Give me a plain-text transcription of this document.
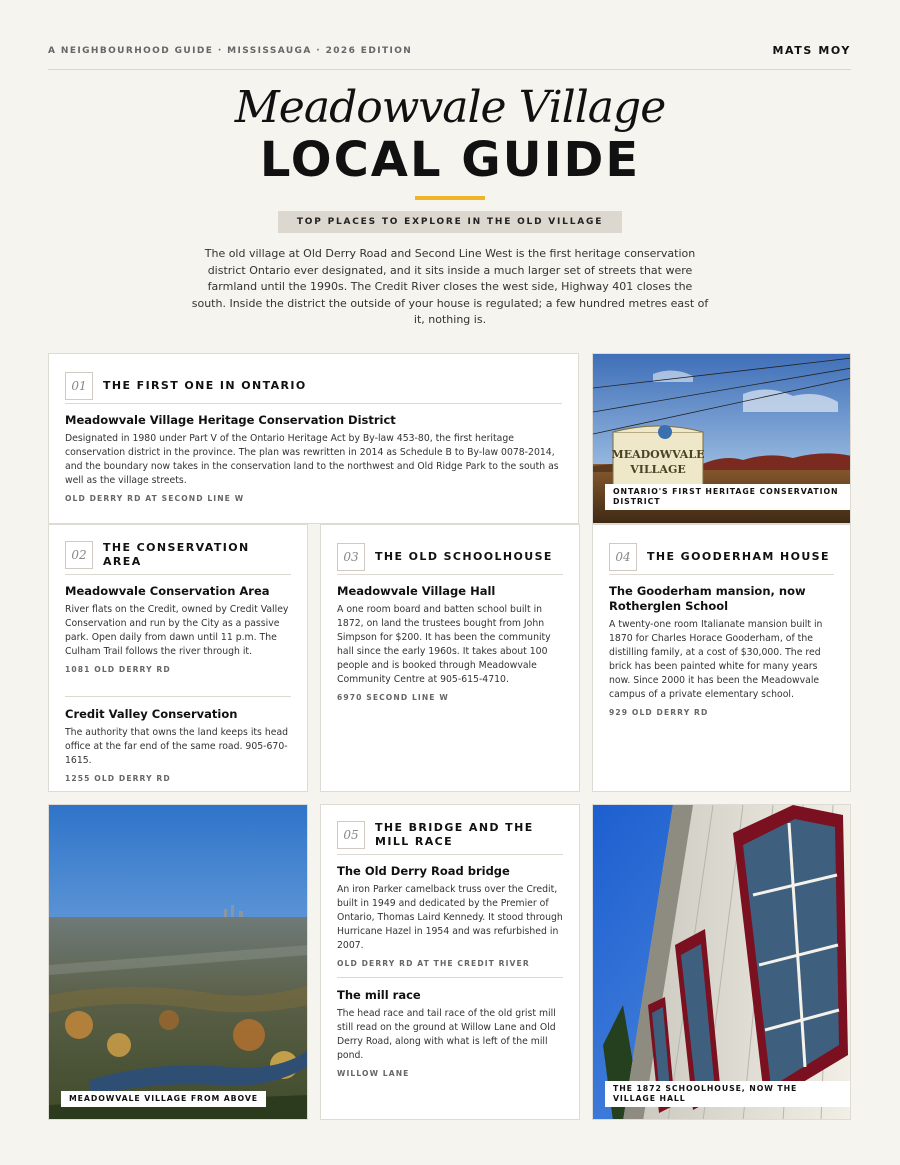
A NEIGHBOURHOOD GUIDE · MISSISSAUGA · 2026 EDITION	MATS MOY
Meadowvale Village
LOCAL GUIDE
TOP PLACES TO EXPLORE IN THE OLD VILLAGE

The old village at Old Derry Road and Second Line West is the first heritage conservation district Ontario ever designated, and it sits inside a much larger set of streets that were farmland until the 1990s. The Credit River closes the west side, Highway 401 closes the south. Inside the district the outside of your house is regulated; a few hundred metres east of it, nothing is.

01	THE FIRST ONE IN ONTARIO
Meadowvale Village Heritage Conservation District

Designated in 1980 under Part V of the Ontario Heritage Act by By-law 453-80, the first heritage conservation district in the province. The plan was rewritten in 2014 as Schedule B to By-law 0078-2014, and the boundary now takes in the conservation land to the northwest and Old Ridge Park to the south as well as the village streets.

OLD DERRY RD AT SECOND LINE W
MEADOWVALE
VILLAGE
ONTARIO'S FIRST HERITAGE CONSERVATION DISTRICT
02
THE CONSERVATION AREA
Meadowvale Conservation Area

River flats on the Credit, owned by Credit Valley Conservation and run by the City as a passive park. Open daily from dawn until 11 p.m. The Culham Trail follows the river through it.

1081 OLD DERRY RD
Credit Valley Conservation

The authority that owns the land keeps its head office at the far end of the same road. 905-670-1615.

1255 OLD DERRY RD
03	THE OLD SCHOOLHOUSE
Meadowvale Village Hall

A one room board and batten school built in 1872, on land the trustees bought from John Simpson for $200. It has been the community hall since the early 1960s. It takes about 100 people and is booked through Meadowvale Community Centre at 905-615-4710.

6970 SECOND LINE W
04	THE GOODERHAM HOUSE
The Gooderham mansion, now Rotherglen School

A twenty-one room Italianate mansion built in 1870 for Charles Horace Gooderham, of the distilling family, at a cost of $30,000. The red brick has been painted white for many years now. Since 2000 it has been the Meadowvale campus of a private elementary school.

929 OLD DERRY RD
MEADOWVALE VILLAGE FROM ABOVE
05
THE BRIDGE AND THE MILL RACE
The Old Derry Road bridge

An iron Parker camelback truss over the Credit, built in 1949 and dedicated by the Premier of Ontario, Thomas Laird Kennedy. It stood through Hurricane Hazel in 1954 and was refurbished in 2007.

OLD DERRY RD AT THE CREDIT RIVER
The mill race

The head race and tail race of the old grist mill still read on the ground at Willow Lane and Old Derry Road, along with what is left of the mill pond.

WILLOW LANE
THE 1872 SCHOOLHOUSE, NOW THE VILLAGE HALL
